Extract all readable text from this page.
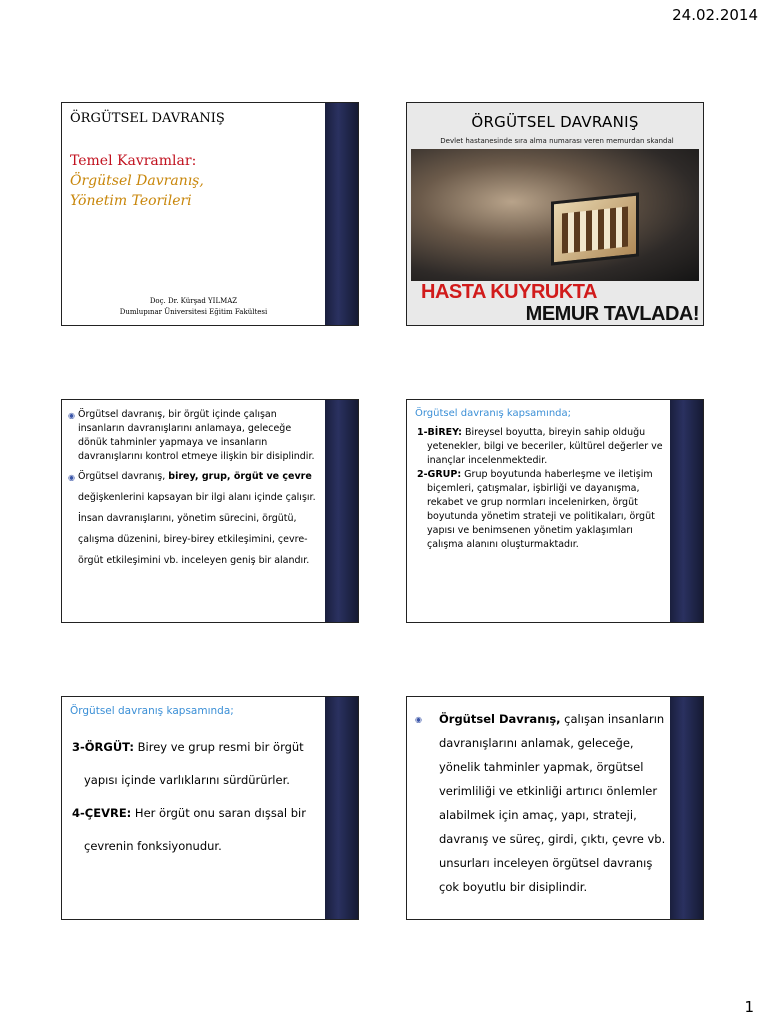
24.02.2014
ÖRGÜTSEL DAVRANIŞ
Temel Kavramlar:
Örgütsel Davranış,
Yönetim Teorileri
Doç. Dr. Kürşad YILMAZ
Dumlupınar Üniversitesi Eğitim Fakültesi
ÖRGÜTSEL DAVRANIŞ
Devlet hastanesinde sıra alma numarası veren memurdan skandal
HASTA KUYRUKTA
MEMUR TAVLADA!
◉ Örgütsel davranış, bir örgüt içinde çalışan insanların davranışlarını anlamaya, geleceğe dönük tahminler yapmaya ve insanların davranışlarını kontrol etmeye ilişkin bir disiplindir.
◉ Örgütsel davranış, birey, grup, örgüt ve çevre değişkenlerini kapsayan bir ilgi alanı içinde çalışır. İnsan davranışlarını, yönetim sürecini, örgütü, çalışma düzenini, birey-birey etkileşimini, çevre-örgüt etkileşimini vb. inceleyen geniş bir alandır.
Örgütsel davranış kapsamında;
1-BİREY: Bireysel boyutta, bireyin sahip olduğu yetenekler, bilgi ve beceriler, kültürel değerler ve inançlar incelenmektedir.
2-GRUP: Grup boyutunda haberleşme ve iletişim biçemleri, çatışmalar, işbirliği ve dayanışma, rekabet ve grup normları incelenirken, örgüt boyutunda yönetim strateji ve politikaları, örgüt yapısı ve benimsenen yönetim yaklaşımları çalışma alanını oluşturmaktadır.
Örgütsel davranış kapsamında;
3-ÖRGÜT: Birey ve grup resmi bir örgüt
yapısı içinde varlıklarını sürdürürler.
4-ÇEVRE: Her örgüt onu saran dışsal bir
çevrenin fonksiyonudur.
◉	Örgütsel Davranış, çalışan insanların davranışlarını anlamak, geleceğe, yönelik tahminler yapmak, örgütsel verimliliği ve etkinliği artırıcı önlemler alabilmek için amaç, yapı, strateji, davranış ve süreç, girdi, çıktı, çevre vb. unsurları inceleyen örgütsel davranış çok boyutlu bir disiplindir.
1
